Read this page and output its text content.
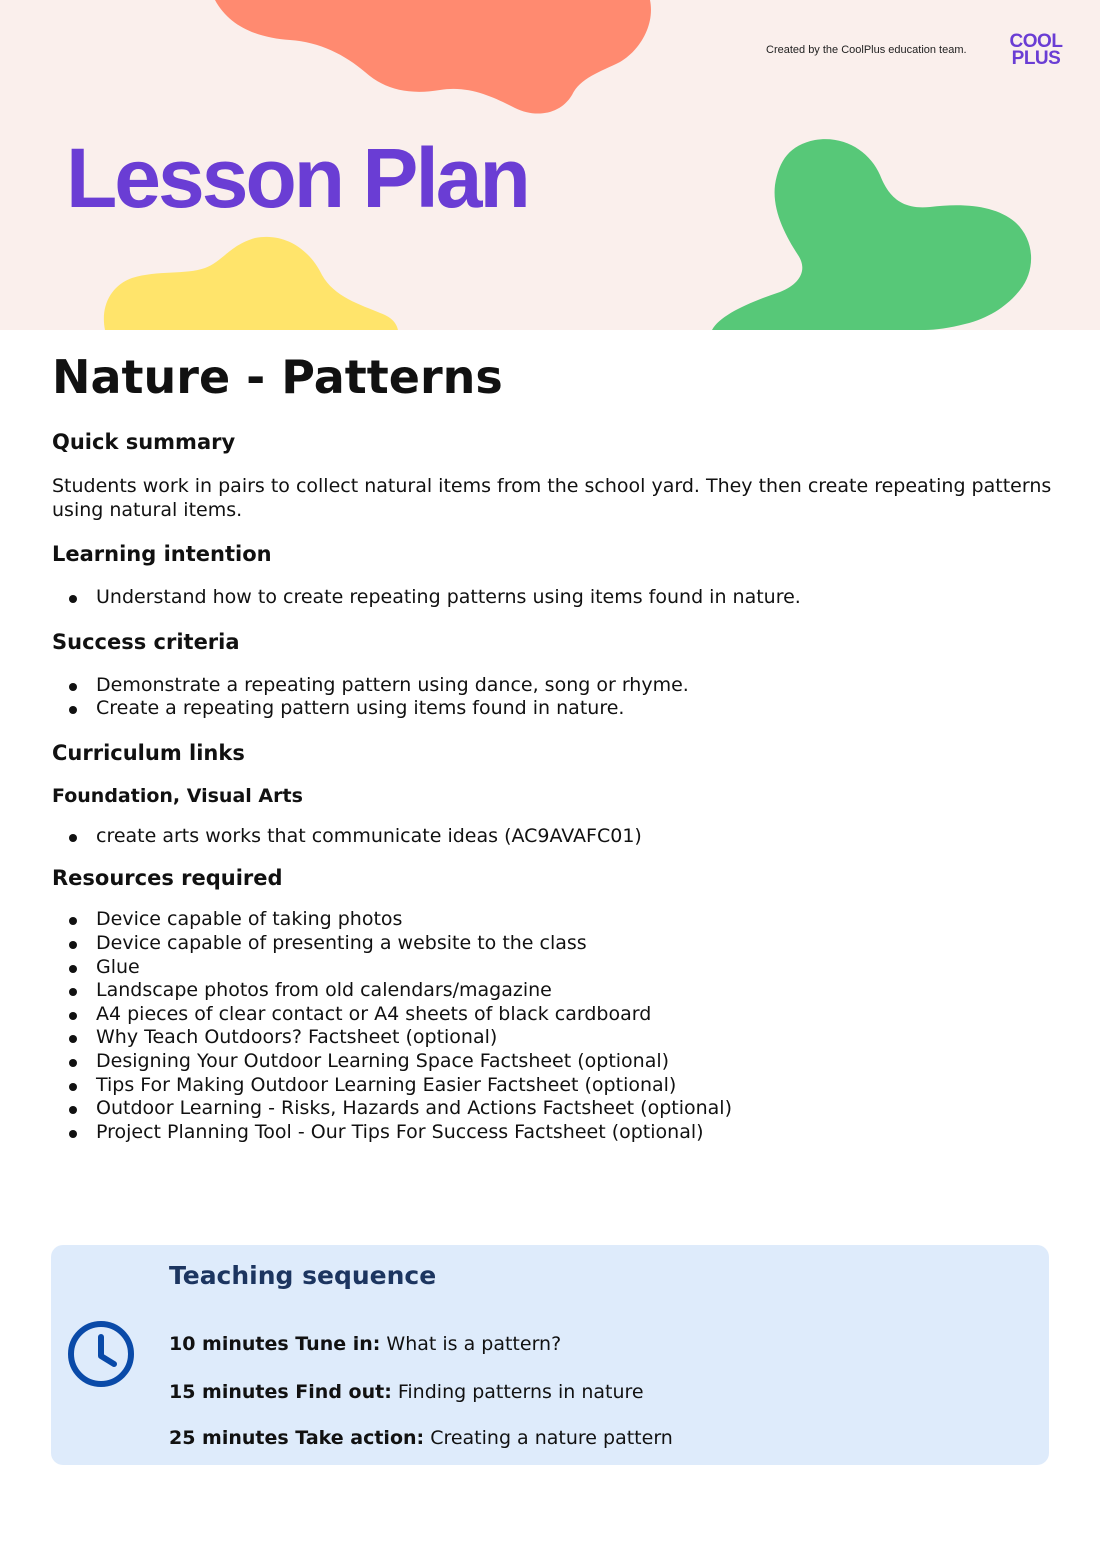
Created by the CoolPlus education team. COOL
PLUS
Lesson Plan
Nature - Patterns
Quick summary

Students work in pairs to collect natural items from the school yard. They then create repeating patterns using natural items.

Learning intention
Understand how to create repeating patterns using items found in nature.
Success criteria
Demonstrate a repeating pattern using dance, song or rhyme.
Create a repeating pattern using items found in nature.
Curriculum links
Foundation, Visual Arts
create arts works that communicate ideas (AC9AVAFC01)
Resources required
Device capable of taking photos
Device capable of presenting a website to the class
Glue
Landscape photos from old calendars/magazine
A4 pieces of clear contact or A4 sheets of black cardboard
Why Teach Outdoors? Factsheet (optional)
Designing Your Outdoor Learning Space Factsheet (optional)
Tips For Making Outdoor Learning Easier Factsheet (optional)
Outdoor Learning - Risks, Hazards and Actions Factsheet (optional)
Project Planning Tool - Our Tips For Success Factsheet (optional)
Teaching sequence
10 minutes Tune in: What is a pattern?
15 minutes Find out: Finding patterns in nature
25 minutes Take action: Creating a nature pattern
